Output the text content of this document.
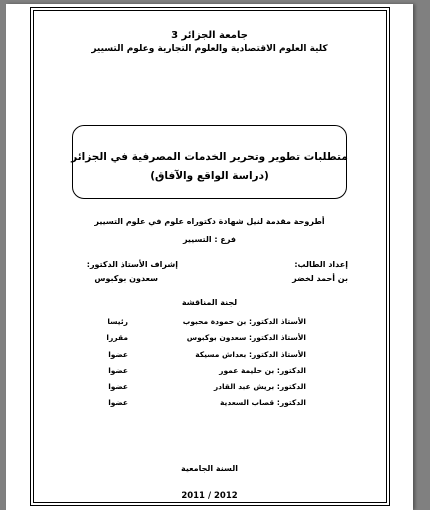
جامعة الجزائر 3
كلية العلوم الاقتصادية والعلوم التجارية وعلوم التسيير
متطلبات تطوير وتحرير الخدمات المصرفية في الجزائر
(دراسة الواقع والآفاق)
أطروحة مقدمة لنيل شهادة دكتوراه علوم في علوم التسيير
فرع : التسيير
إعداد الطالب:
بن أحمد لخضر
إشراف الأستاذ الدكتور:
سعدون بوكبوس
لجنة المناقشة
الأستاذ الدكتور: بن حمودة محبوب
رئيسا
الأستاذ الدكتور: سعدون بوكبوس
مقررا
الأستاذ الدكتور: بعداش مسيكة
عضوا
الدكتور: بن حليمة عمور
عضوا
الدكتور: بريش عبد القادر
عضوا
الدكتور: قصاب السعدية
عضوا
السنة الجامعية
2012 / 2011
